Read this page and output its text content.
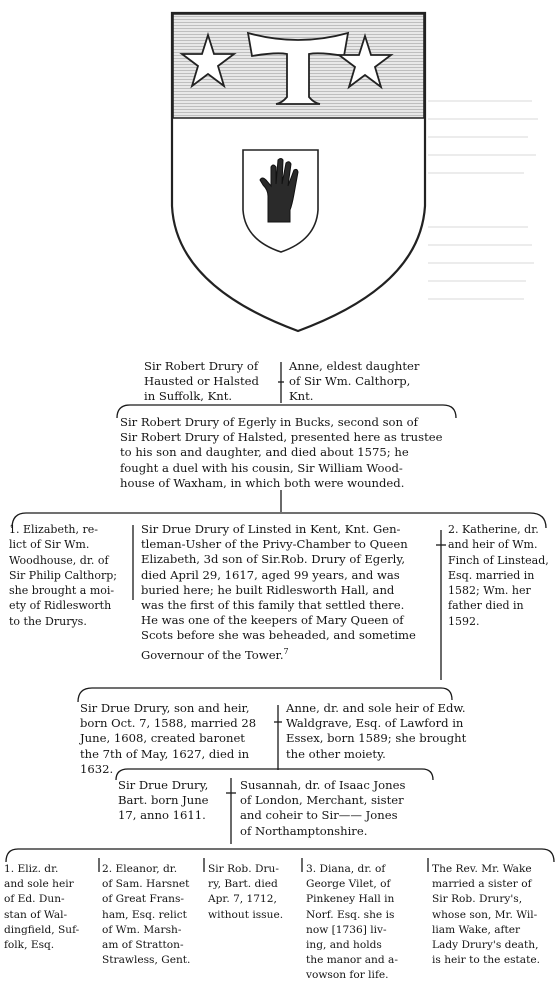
Sir Robert Drury of
Hausted or Halsted
in Suffolk, Knt.
Anne, eldest daughter
of Sir Wm. Calthorp,
Knt.
Sir Robert Drury of Egerly in Bucks, second son of
Sir Robert Drury of Halsted, presented here as trustee
to his son and daughter, and died about 1575; he
fought a duel with his cousin, Sir William Wood-
house of Waxham, in which both were wounded.
1. Elizabeth, re-
lict of Sir Wm.
Woodhouse, dr. of
Sir Philip Calthorp;
she brought a moi-
ety of Ridlesworth
to the Drurys.
Sir Drue Drury of Linsted in Kent, Knt. Gen-
tleman-Usher of the Privy-Chamber to Queen
Elizabeth, 3d son of Sir.Rob. Drury of Egerly,
died April 29, 1617, aged 99 years, and was
buried here; he built Ridlesworth Hall, and
was the first of this family that settled there.
He was one of the keepers of Mary Queen of
Scots before she was beheaded, and sometime
Governour of the Tower.$^7$
2. Katherine, dr.
and heir of Wm.
Finch of Linstead,
Esq. married in
1582; Wm. her
father died in
1592.
Sir Drue Drury, son and heir,
born Oct. 7, 1588, married 28
June, 1608, created baronet
the 7th of May, 1627, died in
1632.
Anne, dr. and sole heir of Edw.
Waldgrave, Esq. of Lawford in
Essex, born 1589; she brought
the other moiety.
Sir Drue Drury,
Bart. born June
17, anno 1611.
Susannah, dr. of Isaac Jones
of London, Merchant, sister
and coheir to Sir—— Jones
of Northamptonshire.
1. Eliz. dr.
and sole heir
of Ed. Dun-
stan of Wal-
dingfield, Suf-
folk, Esq.
2. Eleanor, dr.
of Sam. Harsnet
of Great Frans-
ham, Esq. relict
of Wm. Marsh-
am of Stratton-
Strawless, Gent.
Sir Rob. Dru-
ry, Bart. died
Apr. 7, 1712,
without issue.
3. Diana, dr. of
George Vilet, of
Pinkeney Hall in
Norf. Esq. she is
now [1736] liv-
ing, and holds
the manor and a-
vowson for life.
The Rev. Mr. Wake
married a sister of
Sir Rob. Drury's,
whose son, Mr. Wil-
liam Wake, after
Lady Drury's death,
is heir to the estate.
